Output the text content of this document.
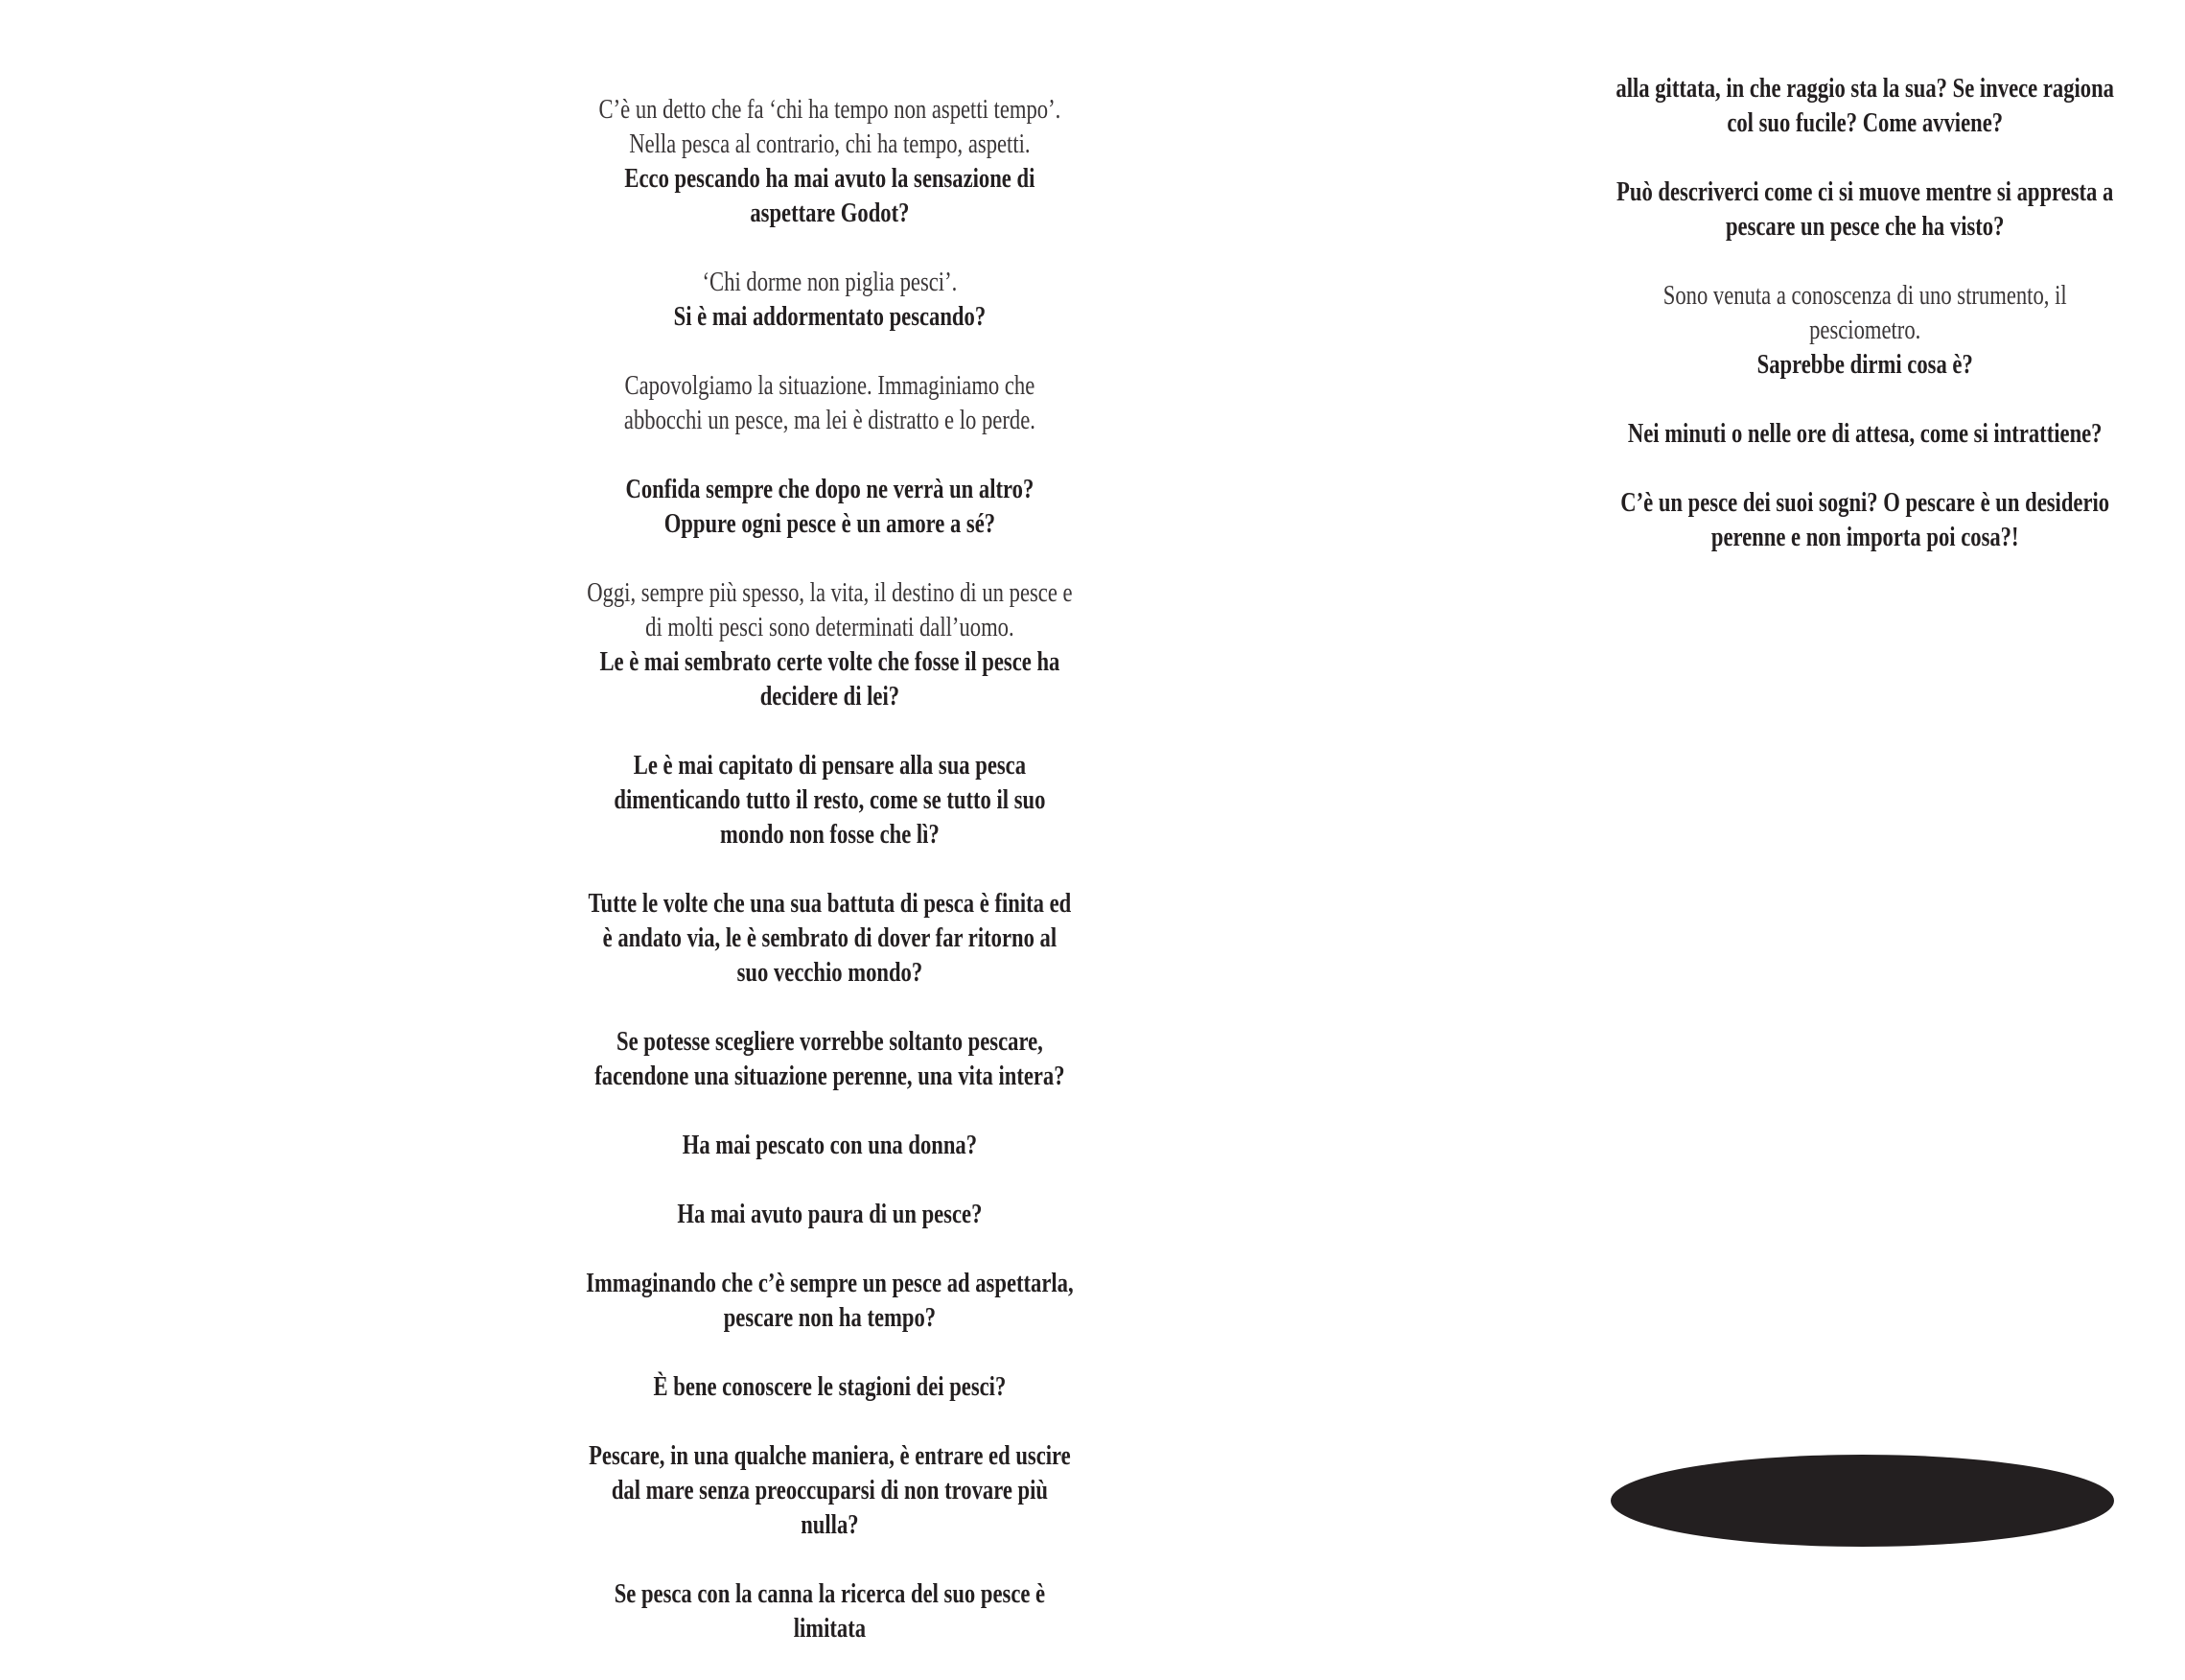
C’è un detto che fa ‘chi ha tempo non aspetti tempo’.
Nella pesca al contrario, chi ha tempo, aspetti.
Ecco pescando ha mai avuto la sensazione di aspettare Godot?
‘Chi dorme non piglia pesci’.
Si è mai addormentato pescando?
Capovolgiamo la situazione. Immaginiamo che abbocchi un pesce, ma lei è distratto e lo perde.
Confida sempre che dopo ne verrà un altro?
Oppure ogni pesce è un amore a sé?
Oggi, sempre più spesso, la vita, il destino di un pesce e di molti pesci sono determinati dall’uomo.
Le è mai sembrato certe volte che fosse il pesce ha decidere di lei?
Le è mai capitato di pensare alla sua pesca dimenticando tutto il resto, come se tutto il suo mondo non fosse che lì?
Tutte le volte che una sua battuta di pesca è finita ed è andato via, le è sembrato di dover far ritorno al suo vecchio mondo?
Se potesse scegliere vorrebbe soltanto pescare, facendone una situazione perenne, una vita intera?
Ha mai pescato con una donna?
Ha mai avuto paura di un pesce?
Immaginando che c’è sempre un pesce ad aspettarla, pescare non ha tempo?
È bene conoscere le stagioni dei pesci?
Pescare, in una qualche maniera, è entrare ed uscire dal mare senza preoccuparsi di non trovare più nulla?
Se pesca con la canna la ricerca del suo pesce è limitata
alla gittata, in che raggio sta la sua? Se invece ragiona col suo fucile? Come avviene?
Può descriverci come ci si muove mentre si appresta a pescare un pesce che ha visto?
Sono venuta a conoscenza di uno strumento, il pesciometro.
Saprebbe dirmi cosa è?
Nei minuti o nelle ore di attesa, come si intrattiene?
C’è un pesce dei suoi sogni? O pescare è un desiderio perenne e non importa poi cosa?!
